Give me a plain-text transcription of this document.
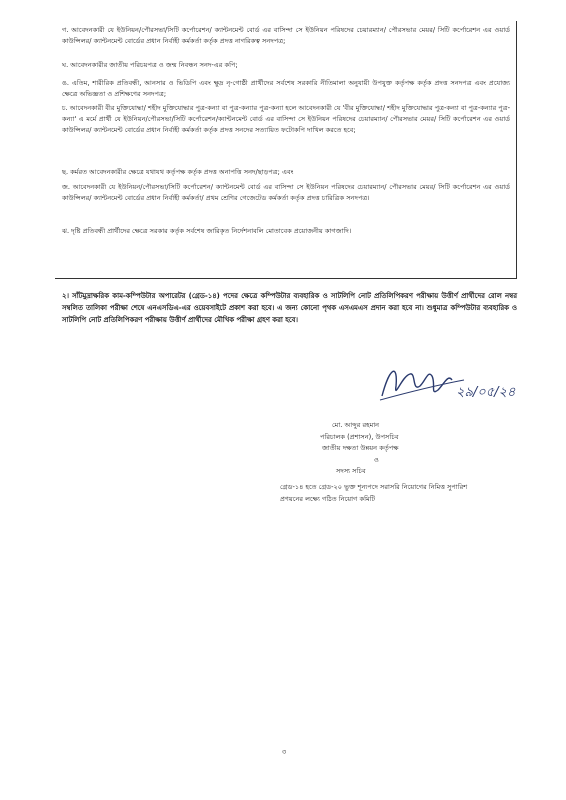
গ. আবেদনকারী যে ইউনিয়ন/পৌরসভা/সিটি কর্পোরেশন/ ক্যান্টনমেন্ট বোর্ড এর বাসিন্দা সে ইউনিয়ন পরিষদের চেয়ারম্যান/ পৌরসভার মেয়র/ সিটি কর্পোরেশন এর ওয়ার্ড কাউন্সিলর/ ক্যান্টনমেন্ট বোর্ডের প্রধান নির্বাহী কর্মকর্তা কর্তৃক প্রদত্ত নাগরিকত্ব সনদপত্র;

ঘ. আবেদনকারীর জাতীয় পরিচয়পত্র ও জন্ম নিবন্ধন সনদ-এর কপি;

ঙ. এতিম, শারীরিক প্রতিবন্ধী, আনসার ও ভিডিপি এবং ক্ষুদ্র নৃ-গোষ্ঠী প্রার্থীদের সর্বশেষ সরকারি নীতিমালা অনুযায়ী উপযুক্ত কর্তৃপক্ষ কর্তৃক প্রদত্ত সনদপত্র এবং প্রযোজ্য ক্ষেত্রে অভিজ্ঞতা ও প্রশিক্ষণের সনদপত্র;

চ. আবেদনকারী বীর মুক্তিযোদ্ধা/ শহীদ মুক্তিযোদ্ধার পুত্র-কন্যা বা পুত্র-কন্যার পুত্র-কন্যা হলে আবেদনকারী যে 'বীর মুক্তিযোদ্ধা/ শহীদ মুক্তিযোদ্ধার পুত্র-কন্যা বা পুত্র-কন্যার পুত্র-কন্যা' এ মর্মে প্রার্থী যে ইউনিয়ন/পৌরসভা/সিটি কর্পোরেশন/ক্যান্টনমেন্ট বোর্ড এর বাসিন্দা সে ইউনিয়ন পরিষদের চেয়ারম্যান/ পৌরসভার মেয়র/ সিটি কর্পোরেশন এর ওয়ার্ড কাউন্সিলর/ ক্যান্টনমেন্ট বোর্ডের প্রধান নির্বাহী কর্মকর্তা কর্তৃক প্রদত্ত সনদের সত্যায়িত ফটোকপি দাখিল করতে হবে;

ছ. কর্মরত আবেদনকারীর ক্ষেত্রে যথাযথ কর্তৃপক্ষ কর্তৃক প্রদত্ত অনাপত্তি সনদ/ছাড়পত্র; এবং

জ. আবেদনকারী যে ইউনিয়ন/পৌরসভা/সিটি কর্পোরেশন/ ক্যান্টনমেন্ট বোর্ড এর বাসিন্দা সে ইউনিয়ন পরিষদের চেয়ারম্যান/ পৌরসভার মেয়র/ সিটি কর্পোরেশন এর ওয়ার্ড কাউন্সিলর/ ক্যান্টনমেন্ট বোর্ডের প্রধান নির্বাহী কর্মকর্তা/ প্রথম শ্রেণির গেজেটেড কর্মকর্তা কর্তৃক প্রদত্ত চারিত্রিক সনদপত্র।

ঝ. দৃষ্টি প্রতিবন্ধী প্রার্থীদের ক্ষেত্রে সরকার কর্তৃক সর্বশেষ জারিকৃত নির্দেশনাবলি মোতাবেক প্রয়োজনীয় কাগজাদি।

২। সাঁটমুদ্রাক্ষরিক কাম-কম্পিউটার অপারেটর (গ্রেড-১৪) পদের ক্ষেত্রে কম্পিউটার ব্যবহারিক ও সাটলিপি নোট প্রতিলিপিকরণ পরীক্ষায় উত্তীর্ণ প্রার্থীদের রোল নম্বর সম্বলিত তালিকা পরীক্ষা শেষে এনএসডিএ-এর ওয়েবসাইটে প্রকাশ করা হবে। এ জন্য কোনো পৃথক এসএমএস প্রদান করা হবে না। শুধুমাত্র কম্পিউটার ব্যবহারিক ও সাটলিপি নোট প্রতিলিপিকরণ পরীক্ষায় উত্তীর্ণ প্রার্থীদের মৌখিক পরীক্ষা গ্রহণ করা হবে।

২৯/০৫/২৪
মো. আব্দুর রহমান
পরিচালক (প্রশাসন), উপসচিব
জাতীয় দক্ষতা উন্নয়ন কর্তৃপক্ষ
ও
সদস্য সচিব
গ্রেড-১৪ হতে গ্রেড-২০ ভুক্ত শূন্যপদে সরাসরি নিয়োগের নিমিত্ত সুপারিশ প্রণয়নের লক্ষ্যে গঠিত নিয়োগ কমিটি
৩
